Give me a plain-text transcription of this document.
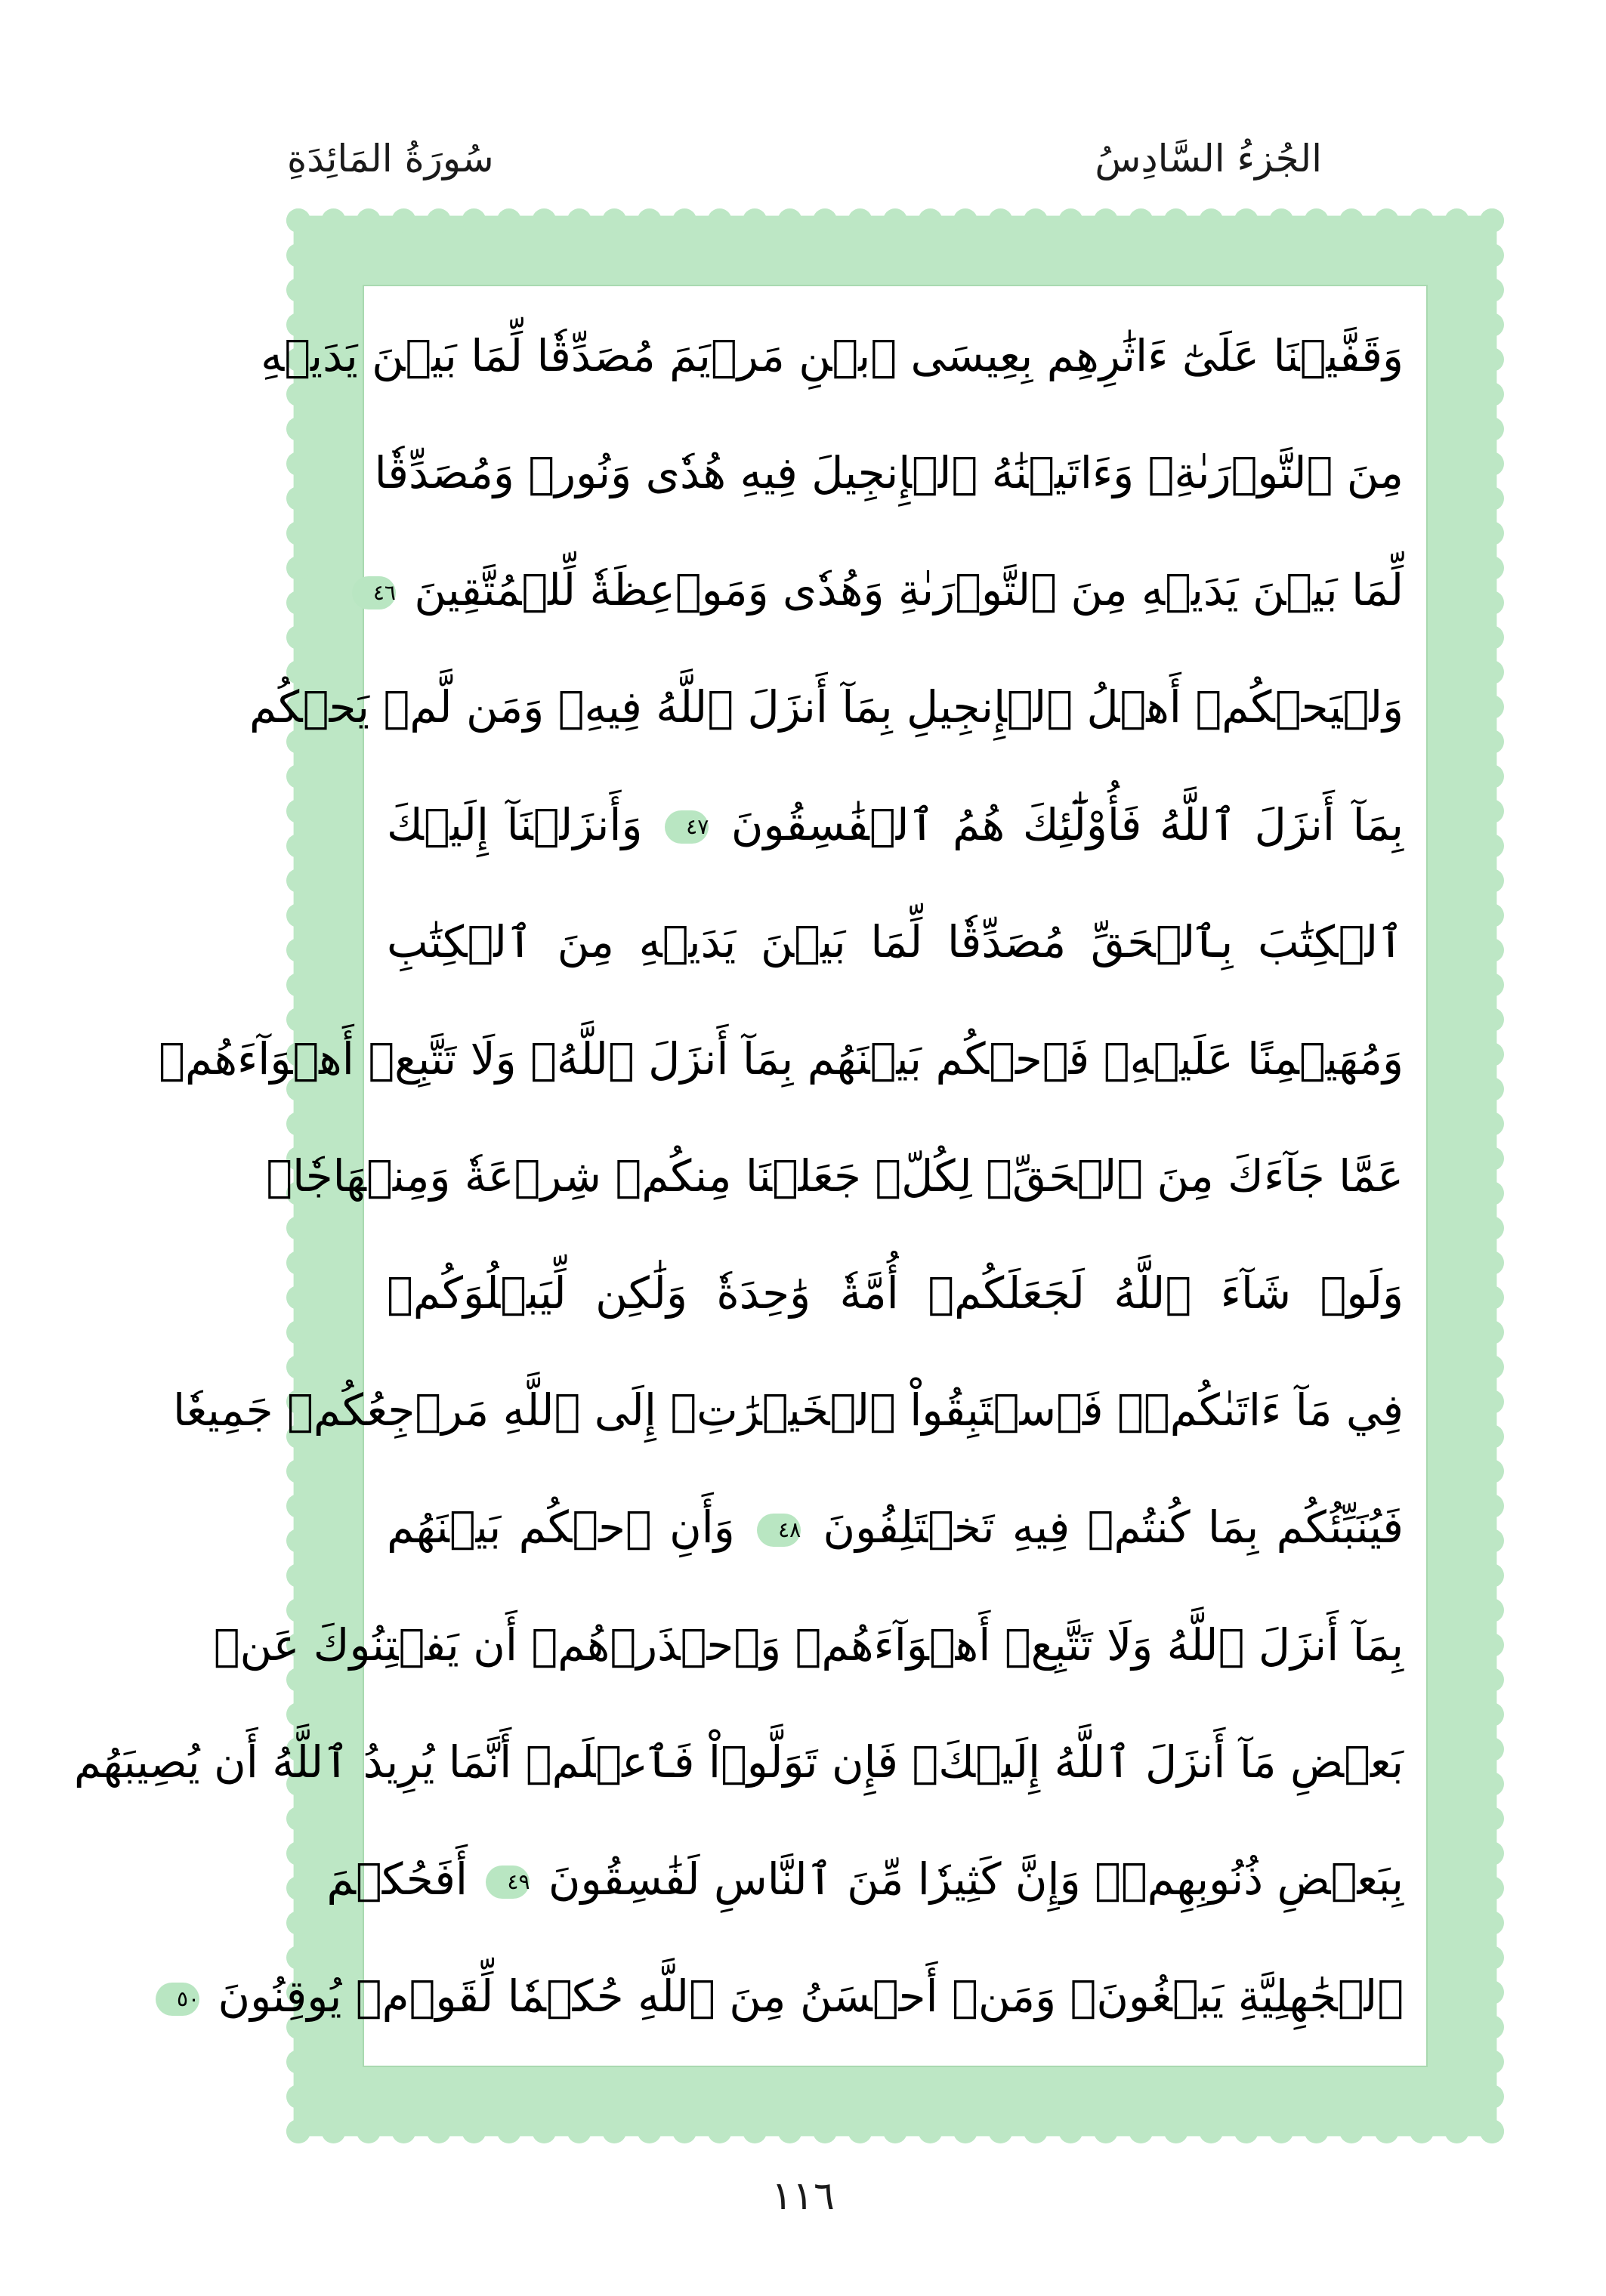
الجُزءُ السَّادِسُ
سُورَةُ المَائِدَةِ
وَقَفَّيۡنَا عَلَىٰٓ ءَاثَٰرِهِم بِعِيسَى ٱبۡنِ مَرۡيَمَ مُصَدِّقٗا لِّمَا بَيۡنَ يَدَيۡهِ
مِنَ ٱلتَّوۡرَىٰةِۖ وَءَاتَيۡنَٰهُ ٱلۡإِنجِيلَ فِيهِ هُدٗى وَنُورٞ وَمُصَدِّقٗا
لِّمَا بَيۡنَ يَدَيۡهِ مِنَ ٱلتَّوۡرَىٰةِ وَهُدٗى وَمَوۡعِظَةٗ لِّلۡمُتَّقِينَ ٤٦
وَلۡيَحۡكُمۡ أَهۡلُ ٱلۡإِنجِيلِ بِمَآ أَنزَلَ ٱللَّهُ فِيهِۚ وَمَن لَّمۡ يَحۡكُم
بِمَآ أَنزَلَ ٱللَّهُ فَأُوْلَٰٓئِكَ هُمُ ٱلۡفَٰسِقُونَ ٤٧ وَأَنزَلۡنَآ إِلَيۡكَ
ٱلۡكِتَٰبَ بِٱلۡحَقِّ مُصَدِّقٗا لِّمَا بَيۡنَ يَدَيۡهِ مِنَ ٱلۡكِتَٰبِ
وَمُهَيۡمِنًا عَلَيۡهِۖ فَٱحۡكُم بَيۡنَهُم بِمَآ أَنزَلَ ٱللَّهُۖ وَلَا تَتَّبِعۡ أَهۡوَآءَهُمۡ
عَمَّا جَآءَكَ مِنَ ٱلۡحَقِّۚ لِكُلّٖ جَعَلۡنَا مِنكُمۡ شِرۡعَةٗ وَمِنۡهَاجٗاۚ
وَلَوۡ شَآءَ ٱللَّهُ لَجَعَلَكُمۡ أُمَّةٗ وَٰحِدَةٗ وَلَٰكِن لِّيَبۡلُوَكُمۡ
فِي مَآ ءَاتَىٰكُمۡۖ فَٱسۡتَبِقُواْ ٱلۡخَيۡرَٰتِۚ إِلَى ٱللَّهِ مَرۡجِعُكُمۡ جَمِيعٗا
فَيُنَبِّئُكُم بِمَا كُنتُمۡ فِيهِ تَخۡتَلِفُونَ ٤٨ وَأَنِ ٱحۡكُم بَيۡنَهُم
بِمَآ أَنزَلَ ٱللَّهُ وَلَا تَتَّبِعۡ أَهۡوَآءَهُمۡ وَٱحۡذَرۡهُمۡ أَن يَفۡتِنُوكَ عَنۢ
بَعۡضِ مَآ أَنزَلَ ٱللَّهُ إِلَيۡكَۖ فَإِن تَوَلَّوۡاْ فَٱعۡلَمۡ أَنَّمَا يُرِيدُ ٱللَّهُ أَن يُصِيبَهُم
بِبَعۡضِ ذُنُوبِهِمۡۗ وَإِنَّ كَثِيرٗا مِّنَ ٱلنَّاسِ لَفَٰسِقُونَ ٤٩ أَفَحُكۡمَ
ٱلۡجَٰهِلِيَّةِ يَبۡغُونَۚ وَمَنۡ أَحۡسَنُ مِنَ ٱللَّهِ حُكۡمٗا لِّقَوۡمٖ يُوقِنُونَ ٥٠
١١٦
